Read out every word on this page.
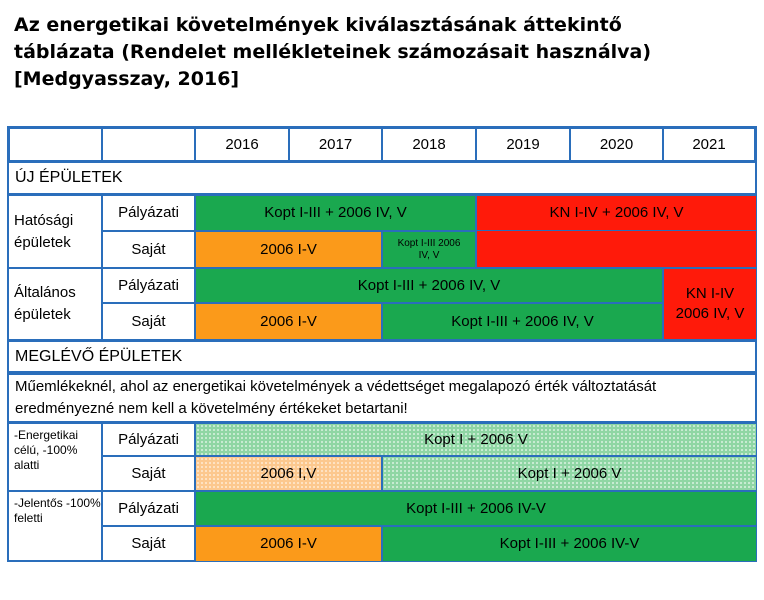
Az energetikai követelmények kiválasztásának áttekintő táblázata (Rendelet mellékleteinek számozásait használva) [Medgyasszay, 2016]
2016	2017	2018	2019	2020	2021
ÚJ ÉPÜLETEK
Hatósági épületek
Pályázati	Kopt I-III + 2006 IV, V	KN I-IV + 2006 IV, V
Saját	2006 I-V	Kopt I-III 2006 IV, V
Általános épületek
Pályázati	Kopt I-III + 2006 IV, V	KN I-IV 2006 IV, V
Saját	2006 I-V	Kopt I-III + 2006 IV, V
MEGLÉVŐ ÉPÜLETEK
Műemlékeknél, ahol az energetikai követelmények a védettséget megalapozó érték változtatását eredményezné nem kell a követelmény értékeket betartani!
-Energetikai célú, -100% alatti
Pályázati	Kopt I + 2006 V
Saját	2006 I,V	Kopt I + 2006 V
-Jelentős -100% feletti
Pályázati	Kopt I-III + 2006 IV-V
Saját	2006 I-V	Kopt I-III + 2006 IV-V
